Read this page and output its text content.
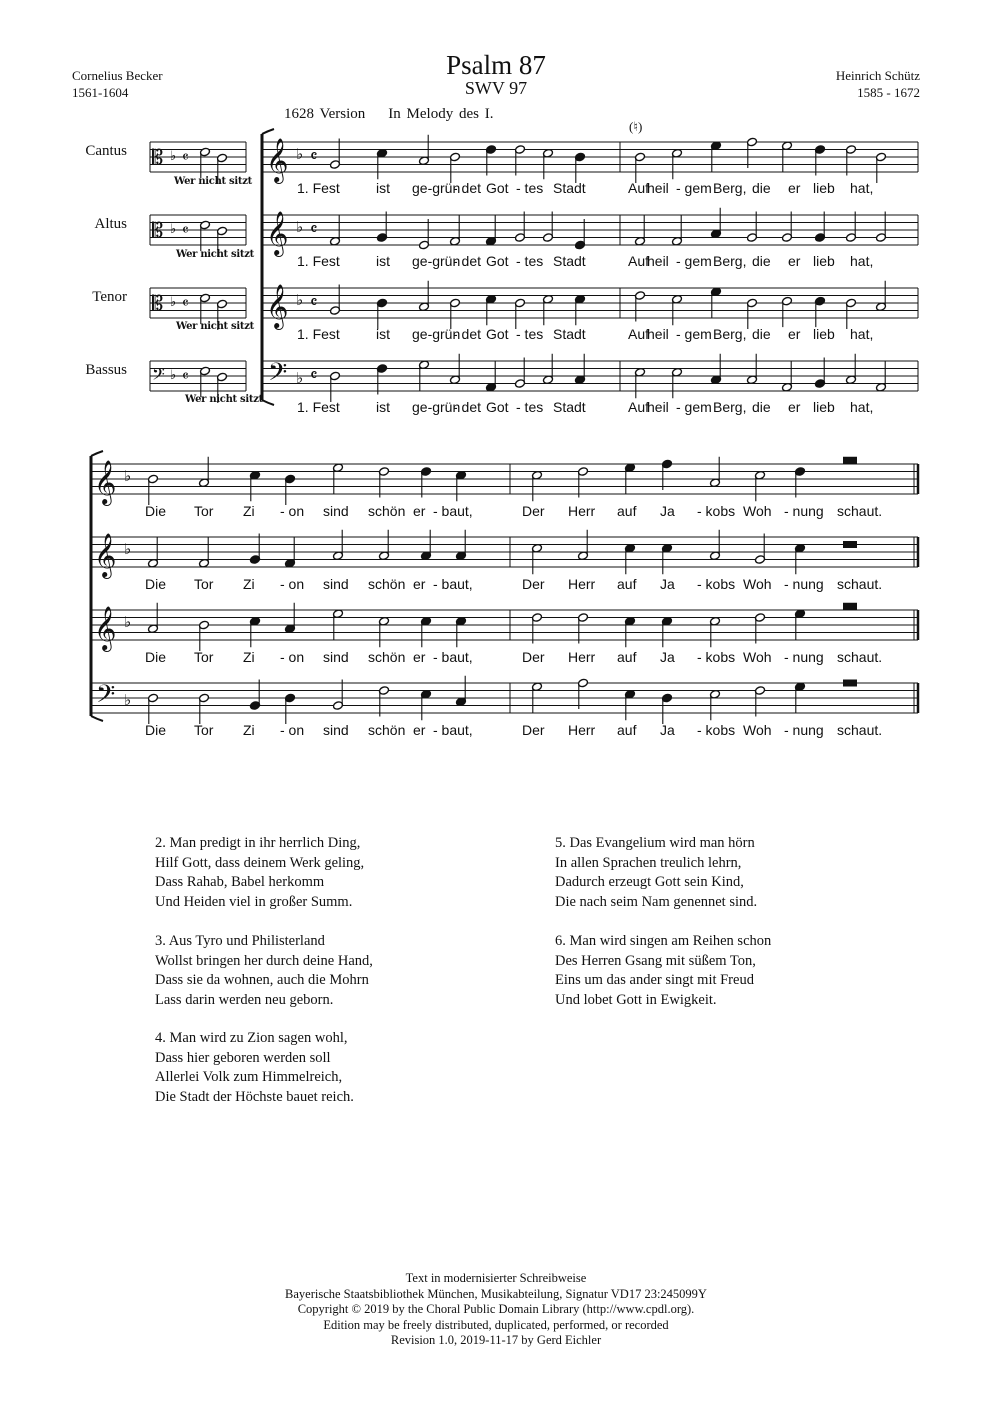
Psalm 87
SWV 97
Cornelius Becker
1561-1604
Heinrich Schütz
1585 - 1672
1628 Version    In Melody des I.
(♮)
Cantus
Altus
Tenor
Bassus
Wer nicht sitzt
Wer nicht sitzt
Wer nicht sitzt
Wer nicht sitzt
𝄞 ♭ 𝄴
𝄞 ♭ 𝄴
𝄞 ♭ 𝄴
𝄢 ♭ 𝄴
𝄡 ♭ 𝄴
𝄡 ♭ 𝄴
𝄡 ♭ 𝄴
𝄢 ♭ 𝄴
𝄞 ♭
𝄞 ♭
𝄞 ♭
𝄢 ♭
1. Fest	ist ge-grün
- det Got - tes Stadt	Auf
heil - gem Berg, die er lieb hat,
1. Fest	ist ge-grün
- det Got - tes Stadt	Auf
heil - gem Berg, die er lieb hat,
1. Fest	ist ge-grün
- det Got - tes Stadt	Auf
heil - gem Berg, die er lieb hat,
1. Fest	ist ge-grün
- det Got - tes Stadt	Auf
heil - gem Berg, die er lieb hat,
Die Tor Zi - on sind schön er - baut,	Der Herr auf Ja - kobs Woh - nung schaut.
Die Tor Zi - on sind schön er - baut,	Der Herr auf Ja - kobs Woh - nung schaut.
Die Tor Zi - on sind schön er - baut,	Der Herr auf Ja - kobs Woh - nung schaut.
Die Tor Zi - on sind schön er - baut,	Der Herr auf Ja - kobs Woh - nung schaut.
2. Man predigt in ihr herrlich Ding,
Hilf Gott, dass deinem Werk geling,
Dass Rahab, Babel herkomm
Und Heiden viel in großer Summ.
3. Aus Tyro und Philisterland
Wollst bringen her durch deine Hand,
Dass sie da wohnen, auch die Mohrn
Lass darin werden neu geborn.
4. Man wird zu Zion sagen wohl,
Dass hier geboren werden soll
Allerlei Volk zum Himmelreich,
Die Stadt der Höchste bauet reich.
5. Das Evangelium wird man hörn
In allen Sprachen treulich lehrn,
Dadurch erzeugt Gott sein Kind,
Die nach seim Nam genennet sind.
6. Man wird singen am Reihen schon
Des Herren Gsang mit süßem Ton,
Eins um das ander singt mit Freud
Und lobet Gott in Ewigkeit.
Text in modernisierter Schreibweise
Bayerische Staatsbibliothek München, Musikabteilung, Signatur VD17 23:245099Y
Copyright © 2019 by the Choral Public Domain Library (http://www.cpdl.org).
Edition may be freely distributed, duplicated, performed, or recorded
Revision 1.0, 2019-11-17 by Gerd Eichler
